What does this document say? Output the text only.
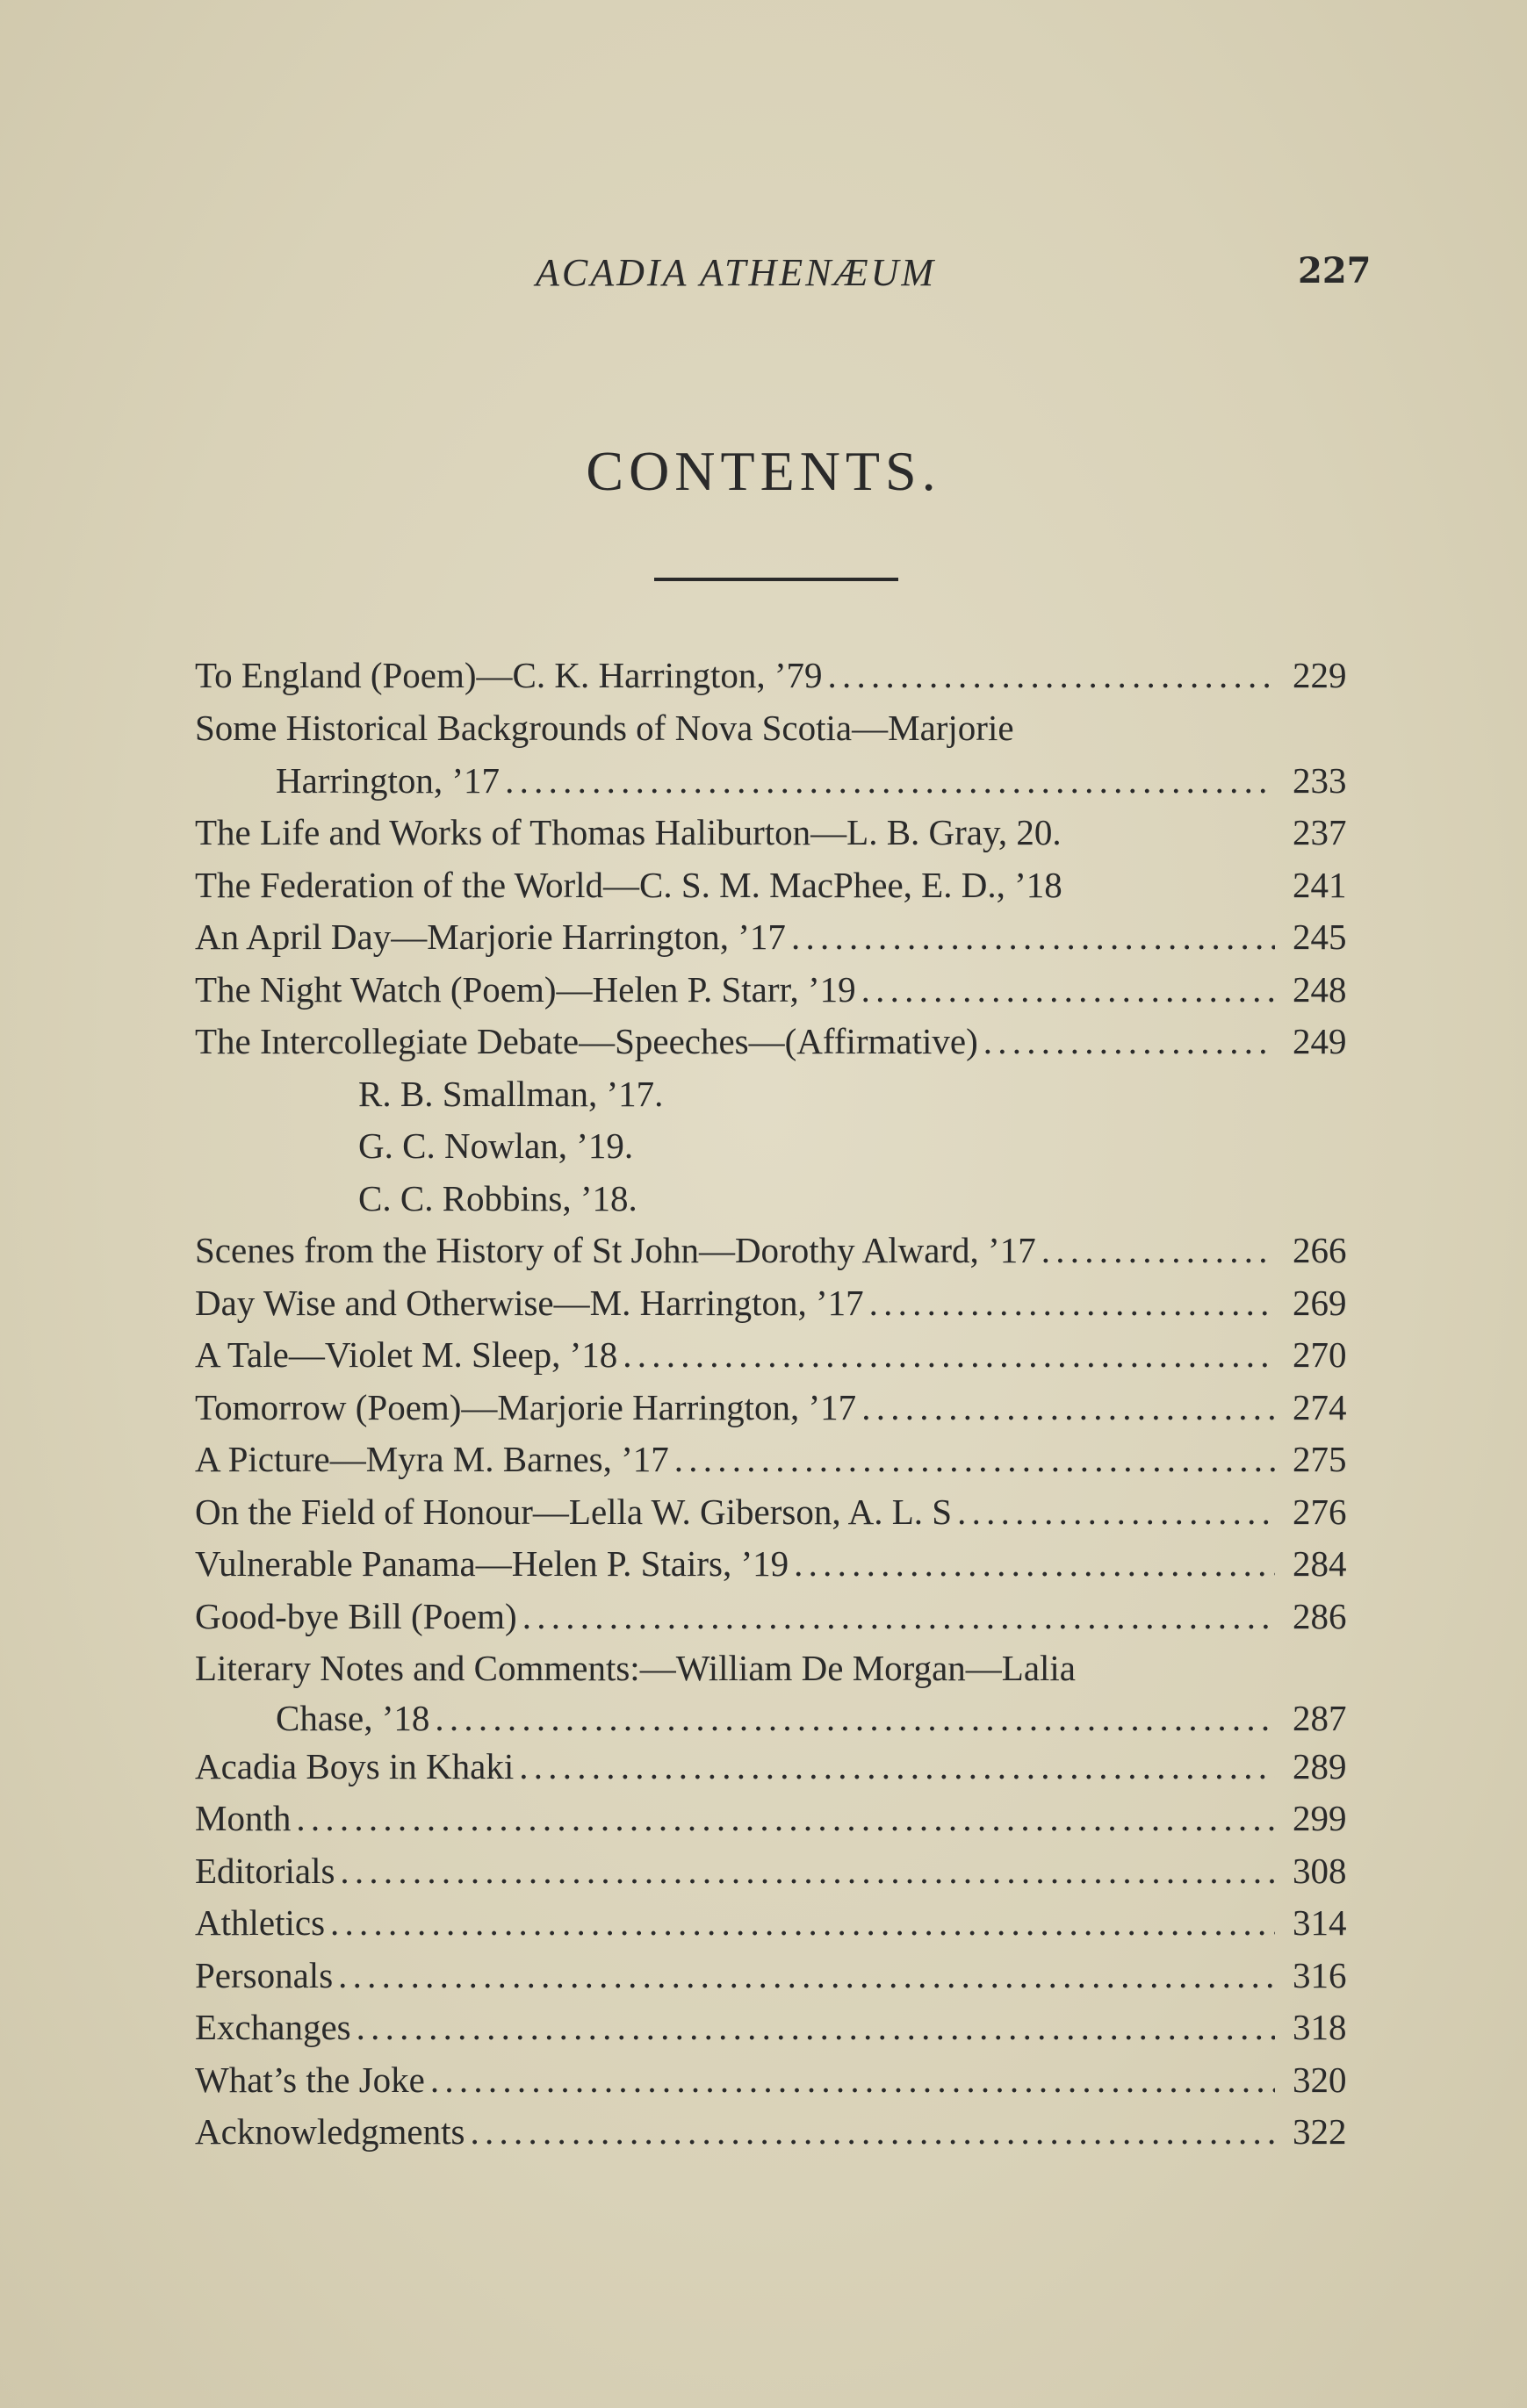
ACADIA ATHENÆUM	227
CONTENTS.
To England (Poem)—C. K. Harrington, ’79 . . .	229
Some Historical Backgrounds of Nova Scotia—Marjorie
Harrington, ’17 . . .	233
The Life and Works of Thomas Haliburton—L. B. Gray, 20.	237
The Federation of the World—C. S. M. MacPhee, E. D., ’18	241
An April Day—Marjorie Harrington, ’17 . . .	245
The Night Watch (Poem)—Helen P. Starr, ’19 . . .	248
The Intercollegiate Debate—Speeches—(Affirmative) . . .	249
R. B. Smallman, ’17.
G. C. Nowlan, ’19.
C. C. Robbins, ’18.
Scenes from the History of St John—Dorothy Alward, ’17 . . .	266
Day Wise and Otherwise—M. Harrington, ’17 . . .	269
A Tale—Violet M. Sleep, ’18 . . .	270
Tomorrow (Poem)—Marjorie Harrington, ’17 . . .	274
A Picture—Myra M. Barnes, ’17 . . .	275
On the Field of Honour—Lella W. Giberson, A. L. S . . .	276
Vulnerable Panama—Helen P. Stairs, ’19 . . .	284
Good-bye Bill (Poem) . . .	286
Literary Notes and Comments:—William De Morgan—Lalia
Chase, ’18 . . .	287
Acadia Boys in Khaki . . .	289
Month . . .	299
Editorials . . .	308
Athletics . . .	314
Personals . . .	316
Exchanges . . .	318
What’s the Joke . . .	320
Acknowledgments . . .	322
